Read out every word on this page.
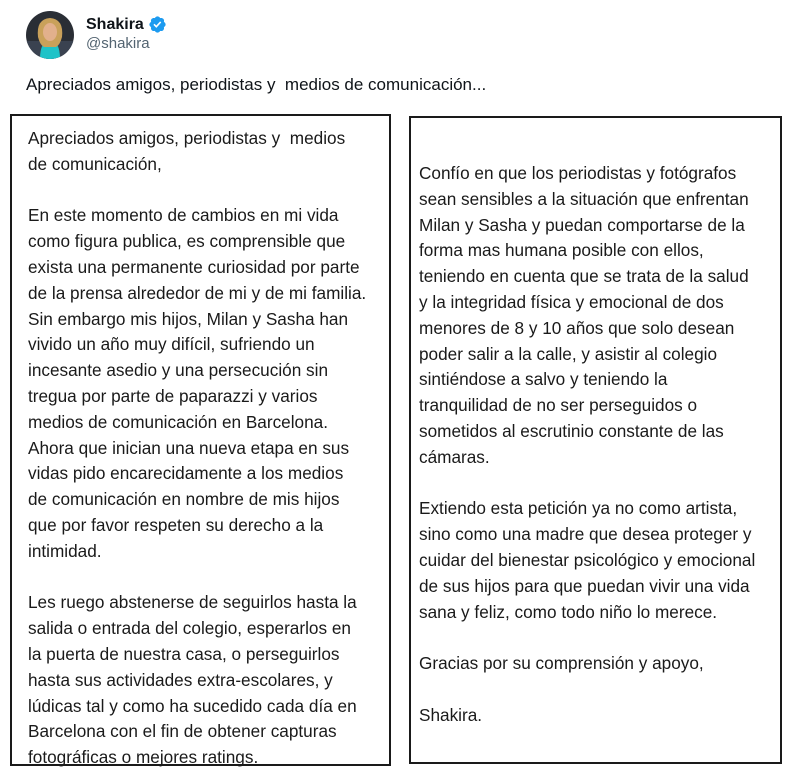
Shakira
@shakira
Apreciados amigos, periodistas y  medios de comunicación...
Apreciados amigos, periodistas y  medios
de comunicación,
En este momento de cambios en mi vida
como figura publica, es comprensible que
exista una permanente curiosidad por parte
de la prensa alrededor de mi y de mi familia.
Sin embargo mis hijos, Milan y Sasha han
vivido un año muy difícil, sufriendo un
incesante asedio y una persecución sin
tregua por parte de paparazzi y varios
medios de comunicación en Barcelona.
Ahora que inician una nueva etapa en sus
vidas pido encarecidamente a los medios
de comunicación en nombre de mis hijos
que por favor respeten su derecho a la
intimidad.
Les ruego abstenerse de seguirlos hasta la
salida o entrada del colegio, esperarlos en
la puerta de nuestra casa, o perseguirlos
hasta sus actividades extra-escolares, y
lúdicas tal y como ha sucedido cada día en
Barcelona con el fin de obtener capturas
fotográficas o mejores ratings.
Confío en que los periodistas y fotógrafos
sean sensibles a la situación que enfrentan
Milan y Sasha y puedan comportarse de la
forma mas humana posible con ellos,
teniendo en cuenta que se trata de la salud
y la integridad física y emocional de dos
menores de 8 y 10 años que solo desean
poder salir a la calle, y asistir al colegio
sintiéndose a salvo y teniendo la
tranquilidad de no ser perseguidos o
sometidos al escrutinio constante de las
cámaras.
Extiendo esta petición ya no como artista,
sino como una madre que desea proteger y
cuidar del bienestar psicológico y emocional
de sus hijos para que puedan vivir una vida
sana y feliz, como todo niño lo merece.
Gracias por su comprensión y apoyo,
Shakira.
